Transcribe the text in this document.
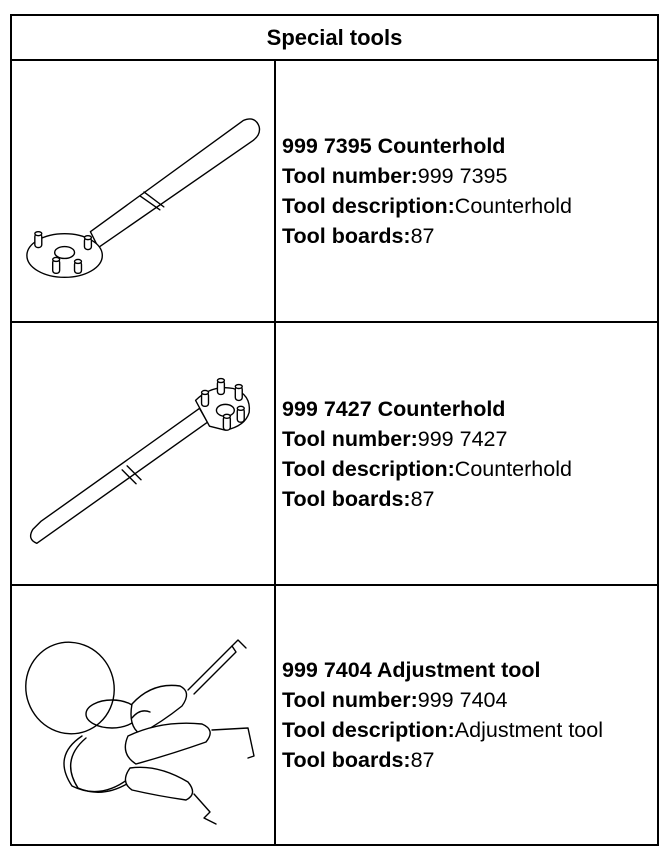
Special tools
999 7395 Counterhold
Tool number:999 7395
Tool description:Counterhold
Tool boards:87
999 7427 Counterhold
Tool number:999 7427
Tool description:Counterhold
Tool boards:87
999 7404 Adjustment tool
Tool number:999 7404
Tool description:Adjustment tool
Tool boards:87
